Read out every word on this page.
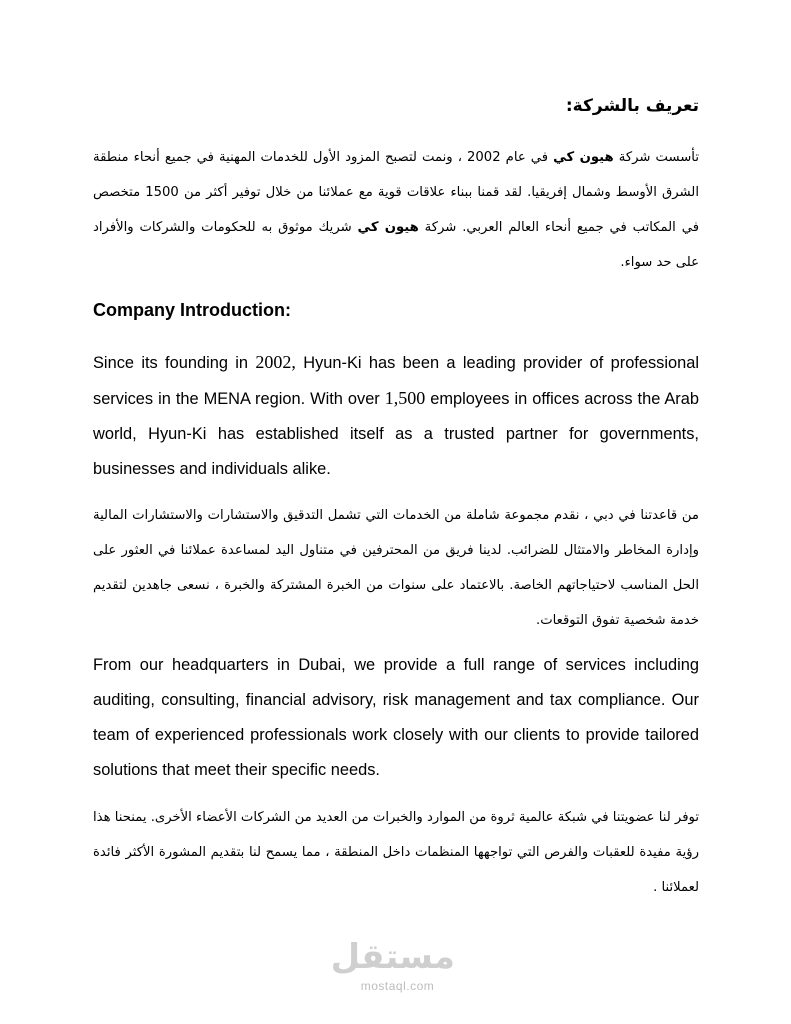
تعريف بالشركة:

تأسست شركة هيون كي في عام 2002 ، ونمت لتصبح المزود الأول للخدمات المهنية في جميع أنحاء منطقة الشرق الأوسط وشمال إفريقيا. لقد قمنا ببناء علاقات قوية مع عملائنا من خلال توفير أكثر من 1500 متخصص في المكاتب في جميع أنحاء العالم العربي. شركة هيون كي شريك موثوق به للحكومات والشركات والأفراد على حد سواء.

Company Introduction:

Since its founding in 2002, Hyun-Ki has been a leading provider of professional services in the MENA region. With over 1,500 employees in offices across the Arab world, Hyun-Ki has established itself as a trusted partner for governments, businesses and individuals alike.

من قاعدتنا في دبي ، نقدم مجموعة شاملة من الخدمات التي تشمل التدقيق والاستشارات والاستشارات المالية وإدارة المخاطر والامتثال للضرائب. لدينا فريق من المحترفين في متناول اليد لمساعدة عملائنا في العثور على الحل المناسب لاحتياجاتهم الخاصة. بالاعتماد على سنوات من الخبرة المشتركة والخبرة ، نسعى جاهدين لتقديم خدمة شخصية تفوق التوقعات.

From our headquarters in Dubai, we provide a full range of services including auditing, consulting, financial advisory, risk management and tax compliance. Our team of experienced professionals work closely with our clients to provide tailored solutions that meet their specific needs.

توفر لنا عضويتنا في شبكة عالمية ثروة من الموارد والخبرات من العديد من الشركات الأعضاء الأخرى. يمنحنا هذا رؤية مفيدة للعقبات والفرص التي تواجهها المنظمات داخل المنطقة ، مما يسمح لنا بتقديم المشورة الأكثر فائدة لعملائنا .

مستقل
mostaql.com
